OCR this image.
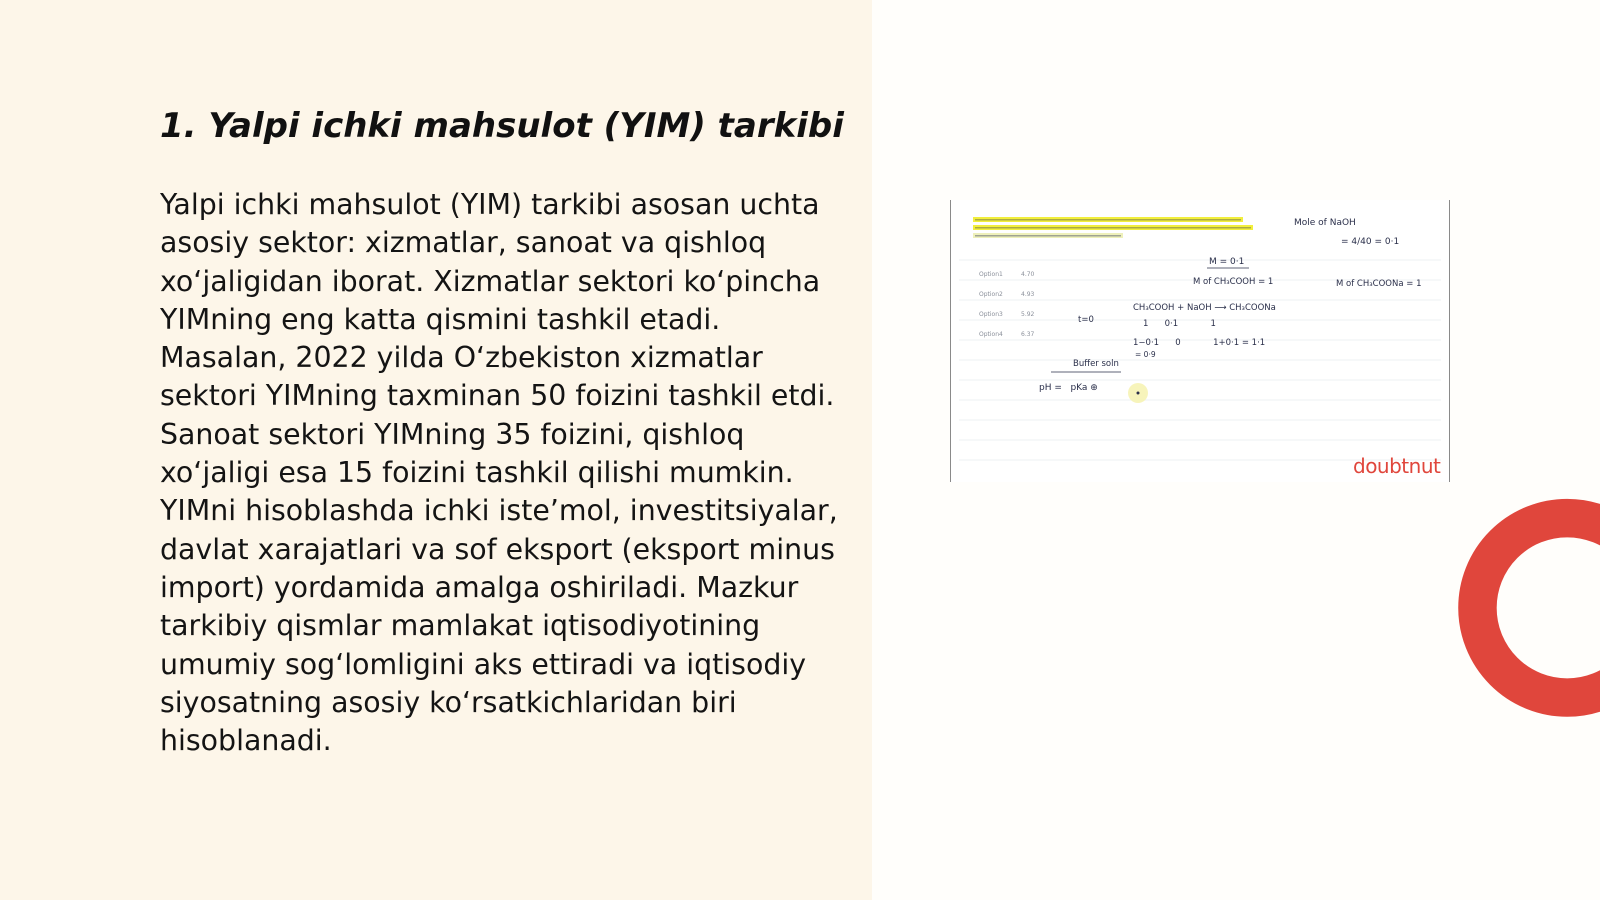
1. Yalpi ichki mahsulot (YIM) tarkibi

Yalpi ichki mahsulot (YIM) tarkibi asosan uchta asosiy sektor: xizmatlar, sanoat va qishloq xo‘jaligidan iborat. Xizmatlar sektori ko‘pincha YIMning eng katta qismini tashkil etadi. Masalan, 2022 yilda O‘zbekiston xizmatlar sektori YIMning taxminan 50 foizini tashkil etdi. Sanoat sektori YIMning 35 foizini, qishloq xo‘jaligi esa 15 foizini tashkil qilishi mumkin. YIMni hisoblashda ichki iste’mol, investitsiyalar, davlat xarajatlari va sof eksport (eksport minus import) yordamida amalga oshiriladi. Mazkur tarkibiy qismlar mamlakat iqtisodiyotining umumiy sog‘lomligini aks ettiradi va iqtisodiy siyosatning asosiy ko‘rsatkichlaridan biri hisoblanadi.

Option1	4.70
Option2	4.93
Option3	5.92
Option4	6.37
Mole of NaOH
= 4/40 = 0·1
M = 0·1
M of CH₃COOH = 1	M of CH₃COONa = 1
CH₃COOH + NaOH ⟶ CH₃COONa
t=0	1      0·1            1
1−0·1      0            1+0·1 = 1·1
= 0·9
Buffer soln
pH =   pKa ⊕
doubtnut
